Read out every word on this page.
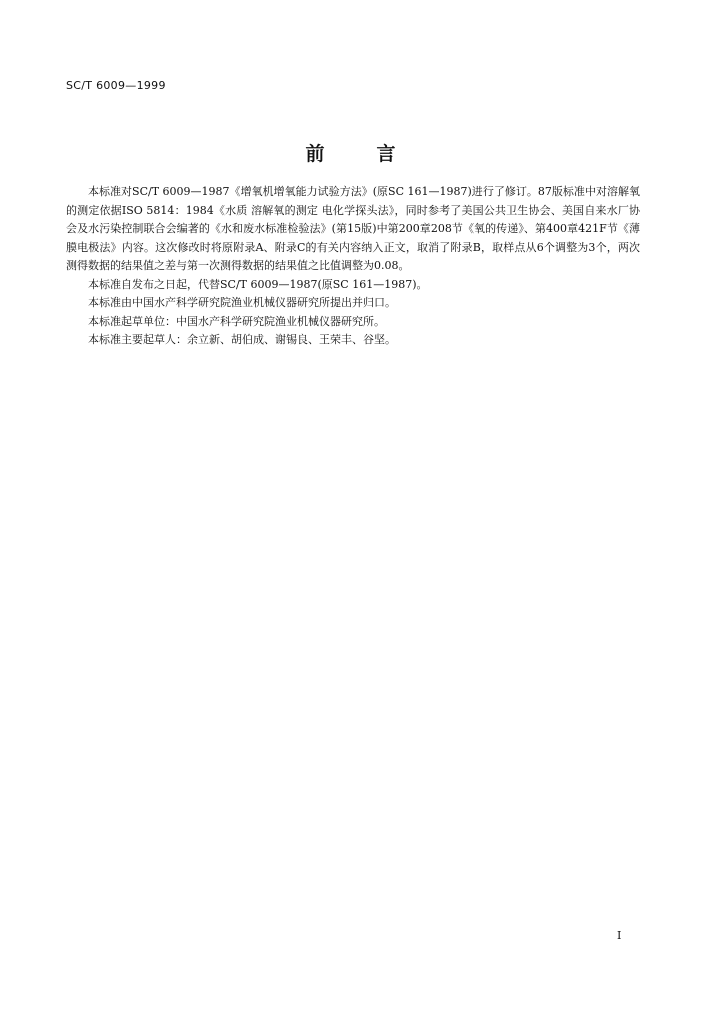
SC/T 6009—1999
前言

本标准对SC/T 6009—1987《增氧机增氧能力试验方法》(原SC 161—1987)进行了修订。87版标准中对溶解氧的测定依据ISO 5814：1984《水质 溶解氧的测定 电化学探头法》，同时参考了美国公共卫生协会、美国自来水厂协会及水污染控制联合会编著的《水和废水标准检验法》(第15版)中第200章208节《氧的传递》、第400章421F节《薄膜电极法》内容。这次修改时将原附录A、附录C的有关内容纳入正文，取消了附录B，取样点从6个调整为3个，两次测得数据的结果值之差与第一次测得数据的结果值之比值调整为0.08。

本标准自发布之日起，代替SC/T 6009—1987(原SC 161—1987)。

本标准由中国水产科学研究院渔业机械仪器研究所提出并归口。

本标准起草单位：中国水产科学研究院渔业机械仪器研究所。

本标准主要起草人：余立新、胡伯成、谢锡良、王荣丰、谷坚。

I
